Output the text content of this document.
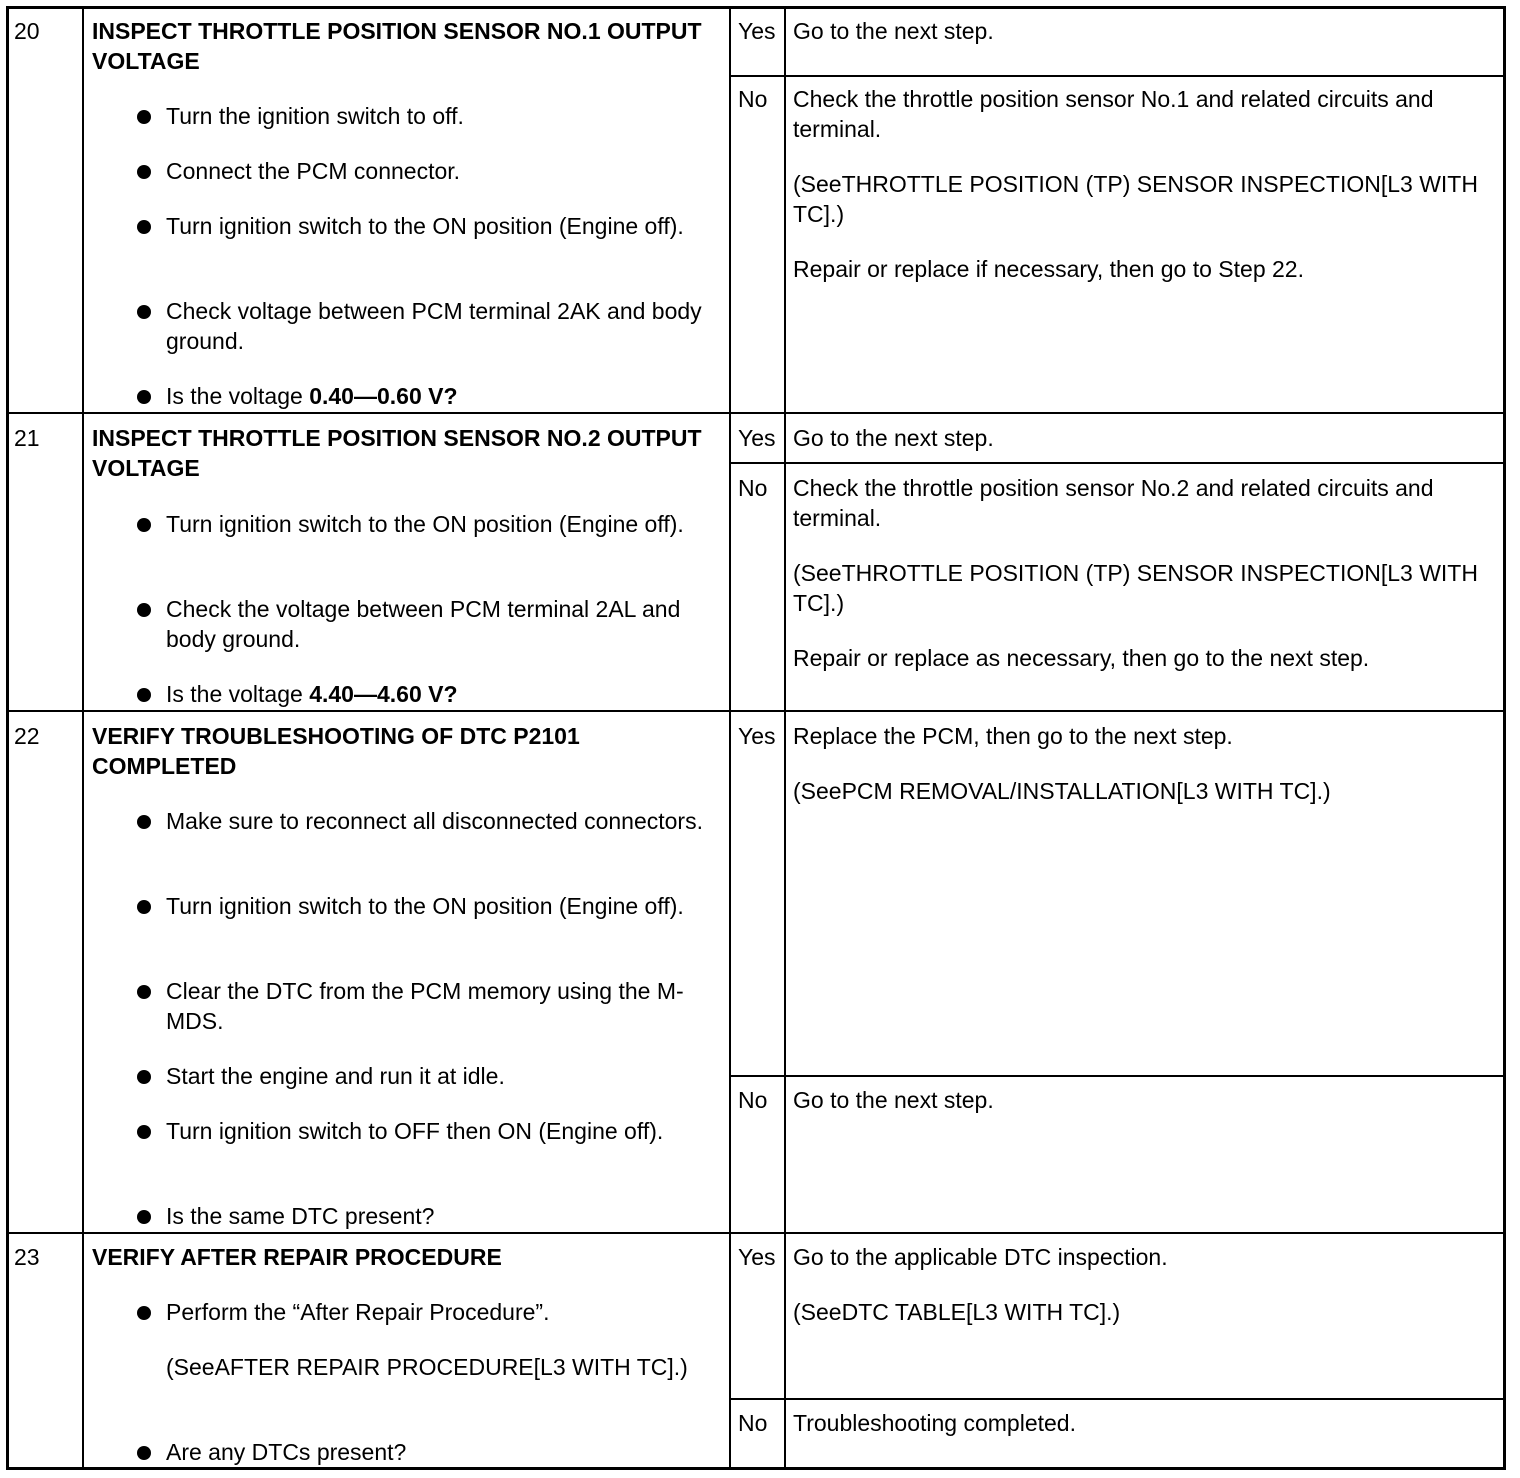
20 INSPECT THROTTLE POSITION SENSOR NO.1 OUTPUT VOLTAGE
Turn the ignition switch to off.
Connect the PCM connector.
Turn ignition switch to the ON position (Engine off).
Check voltage between PCM terminal 2AK and body ground.
Is the voltage 0.40—0.60 V?
Yes Go to the next step.
No Check the throttle position sensor No.1 and related circuits and terminal.
(SeeTHROTTLE POSITION (TP) SENSOR INSPECTION[L3 WITH TC].)
Repair or replace if necessary, then go to Step 22.
21 INSPECT THROTTLE POSITION SENSOR NO.2 OUTPUT VOLTAGE
Turn ignition switch to the ON position (Engine off).
Check the voltage between PCM terminal 2AL and body ground.
Is the voltage 4.40—4.60 V?
Yes Go to the next step.
No Check the throttle position sensor No.2 and related circuits and terminal.
(SeeTHROTTLE POSITION (TP) SENSOR INSPECTION[L3 WITH TC].)
Repair or replace as necessary, then go to the next step.
22 VERIFY TROUBLESHOOTING OF DTC P2101 COMPLETED
Make sure to reconnect all disconnected connectors.
Turn ignition switch to the ON position (Engine off).
Clear the DTC from the PCM memory using the M-MDS.
Start the engine and run it at idle.
Turn ignition switch to OFF then ON (Engine off).
Is the same DTC present?
Yes Replace the PCM, then go to the next step.
(SeePCM REMOVAL/INSTALLATION[L3 WITH TC].)
No Go to the next step.
23 VERIFY AFTER REPAIR PROCEDURE
Perform the “After Repair Procedure”.
(SeeAFTER REPAIR PROCEDURE[L3 WITH TC].)
Are any DTCs present?
Yes Go to the applicable DTC inspection.
(SeeDTC TABLE[L3 WITH TC].)
No Troubleshooting completed.
